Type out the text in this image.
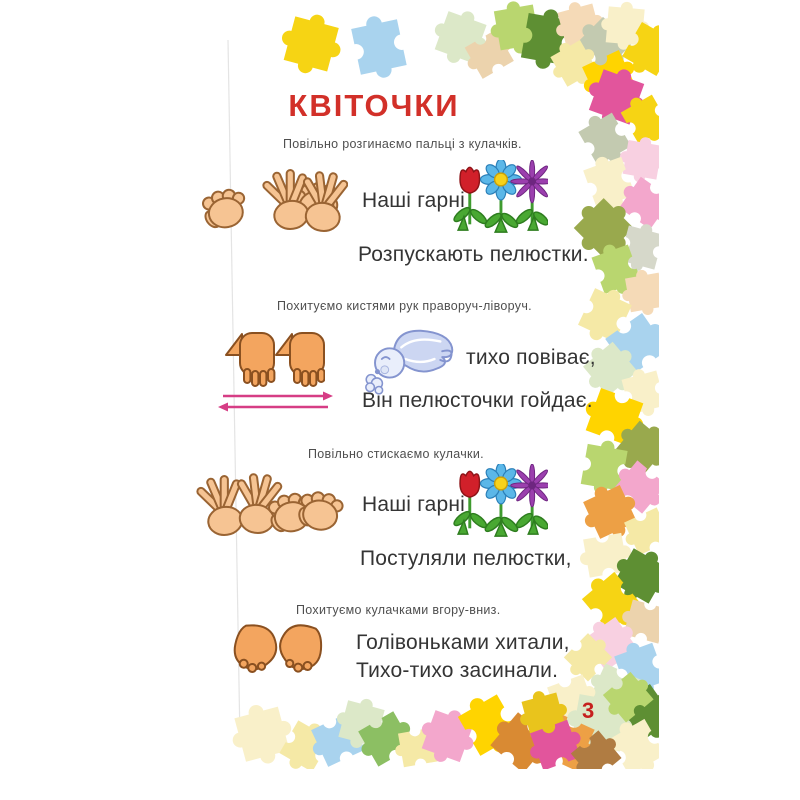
КВІТОЧКИ
3
Повільно розгинаємо пальці з кулачків.
Похитуємо кистями рук праворуч-ліворуч.
Повільно стискаємо кулачки.
Похитуємо кулачками вгору-вниз.
Наші гарні
Розпускають пелюстки.
тихо повіває,
Він пелюсточки гойдає.
Наші гарні
Постуляли пелюстки,
Голівоньками хитали,
Тихо-тихо засинали.
